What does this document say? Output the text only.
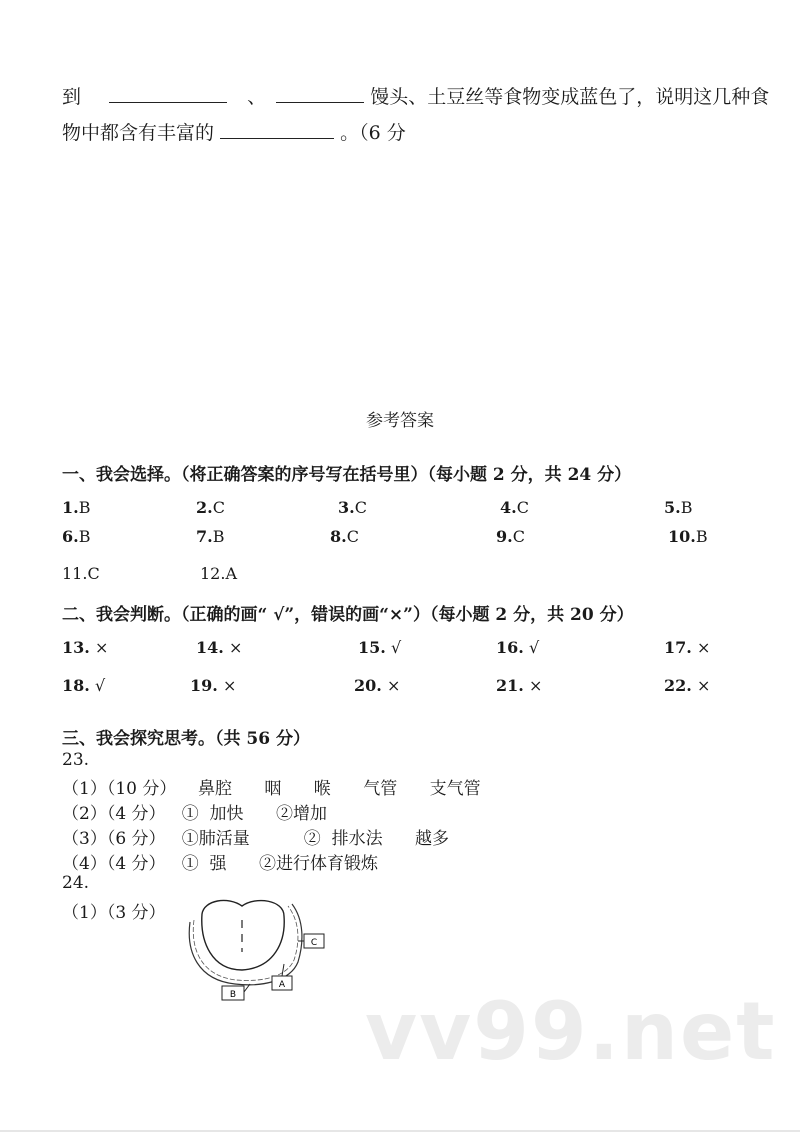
到	、	馒头、土豆丝等食物变成蓝色了，说明这几种食
物中都含有丰富的	。（6 分
参考答案
一、我会选择。（将正确答案的序号写在括号里）（每小题 2 分，共 24 分）
1.B	2.C	3.C	4.C	5.B
6.B	7.B	8.C	9.C	10.B
11.C	12.A
二、我会判断。（正确的画“ √”，错误的画“×”）（每小题 2 分，共 20 分）
13. ×	14. ×	15. √	16. √	17. ×
18. √	19. ×	20. ×	21. ×	22. ×
三、我会探究思考。（共 56 分）
23.
（1）（10 分）    鼻腔      咽      喉      气管      支气管
（2）（4 分）   ①  加快      ②增加
（3）（6 分）   ①肺活量          ②  排水法      越多
（4）（4 分）   ①  强      ②进行体育锻炼
24.
（1）（3 分）
C
A
B vv99.net
